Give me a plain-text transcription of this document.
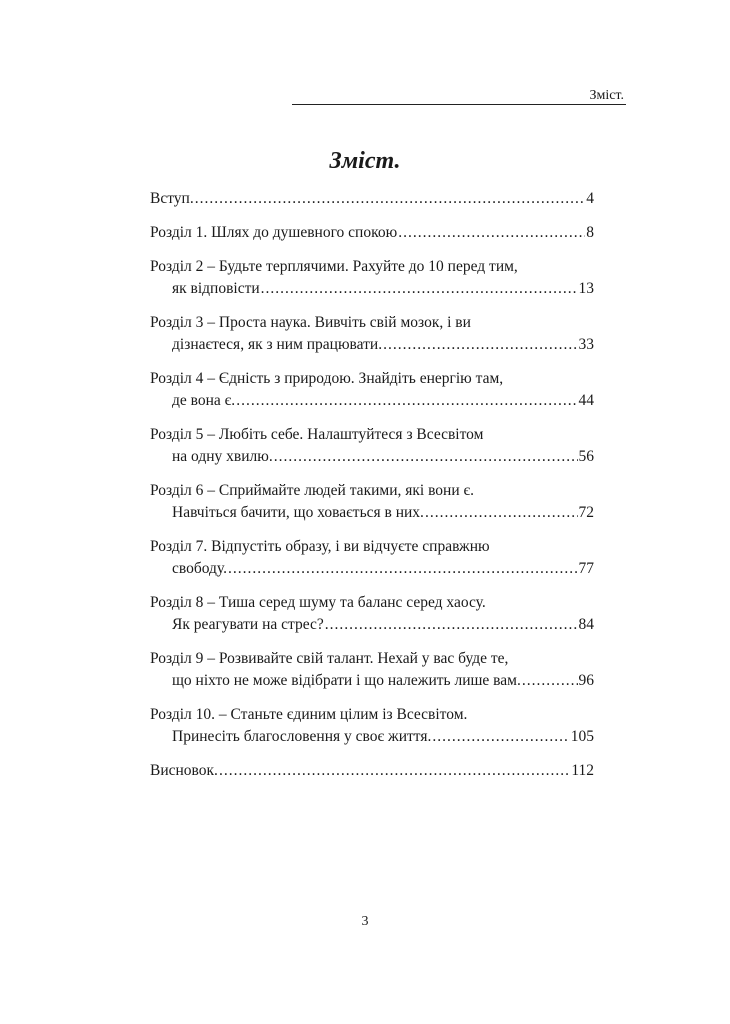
Зміст.
Зміст.
Вступ. .....	4
Розділ 1. Шлях до душевного спокою .....	8
Розділ 2 – Будьте терплячими. Рахуйте до 10 перед тим,
як відповісти .....	13
Розділ 3 – Проста наука. Вивчіть свій мозок, і ви
дізнаєтеся, як з ним працювати. .....	33
Розділ 4 – Єдність з природою. Знайдіть енергію там,
де вона є. .....	44
Розділ 5 – Любіть себе. Налаштуйтеся з Всесвітом
на одну хвилю. .....	56
Розділ 6 – Сприймайте людей такими, які вони є.
Навчіться бачити, що ховається в них. .....	72
Розділ 7. Відпустіть образу, і ви відчуєте справжню
свободу. .....	77
Розділ 8 – Тиша серед шуму та баланс серед хаосу.
Як реагувати на стрес? .....	84
Розділ 9 – Розвивайте свій талант. Нехай у вас буде те,
що ніхто не може відібрати і що належить лише вам. .....	96
Розділ 10. – Станьте єдиним цілим із Всесвітом.
Принесіть благословення у своє життя. .....	105
Висновок. .....	112
3
